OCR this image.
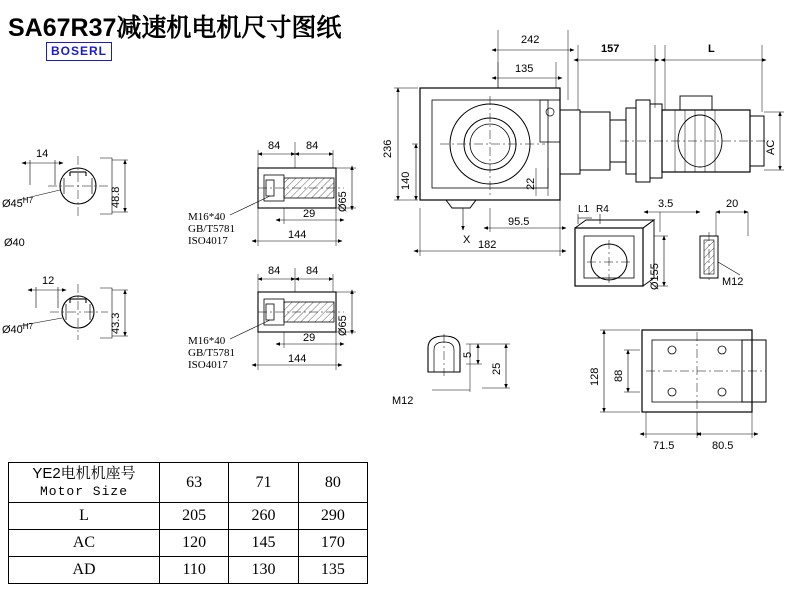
SA67R37减速机电机尺寸图纸
BOSERL
14
$Ø45^{H7}$	48.8
Ø40
12
$Ø40^{H7}$	43.3
84 84
29
144
Ø65
M16*40
GB/T5781
ISO4017
84 84
29
144
Ø65
M16*40
GB/T5781
ISO4017
242
135
157	L
236
140	22
AC
X
95.5
182
L1 R4	3.5	20
Ø155	M12
5
25
M12
128 88
71.5	80.5
YE2电机机座号
Motor Size	63	71	80
L	205	260	290
AC	120	145	170
AD	110	130	135
